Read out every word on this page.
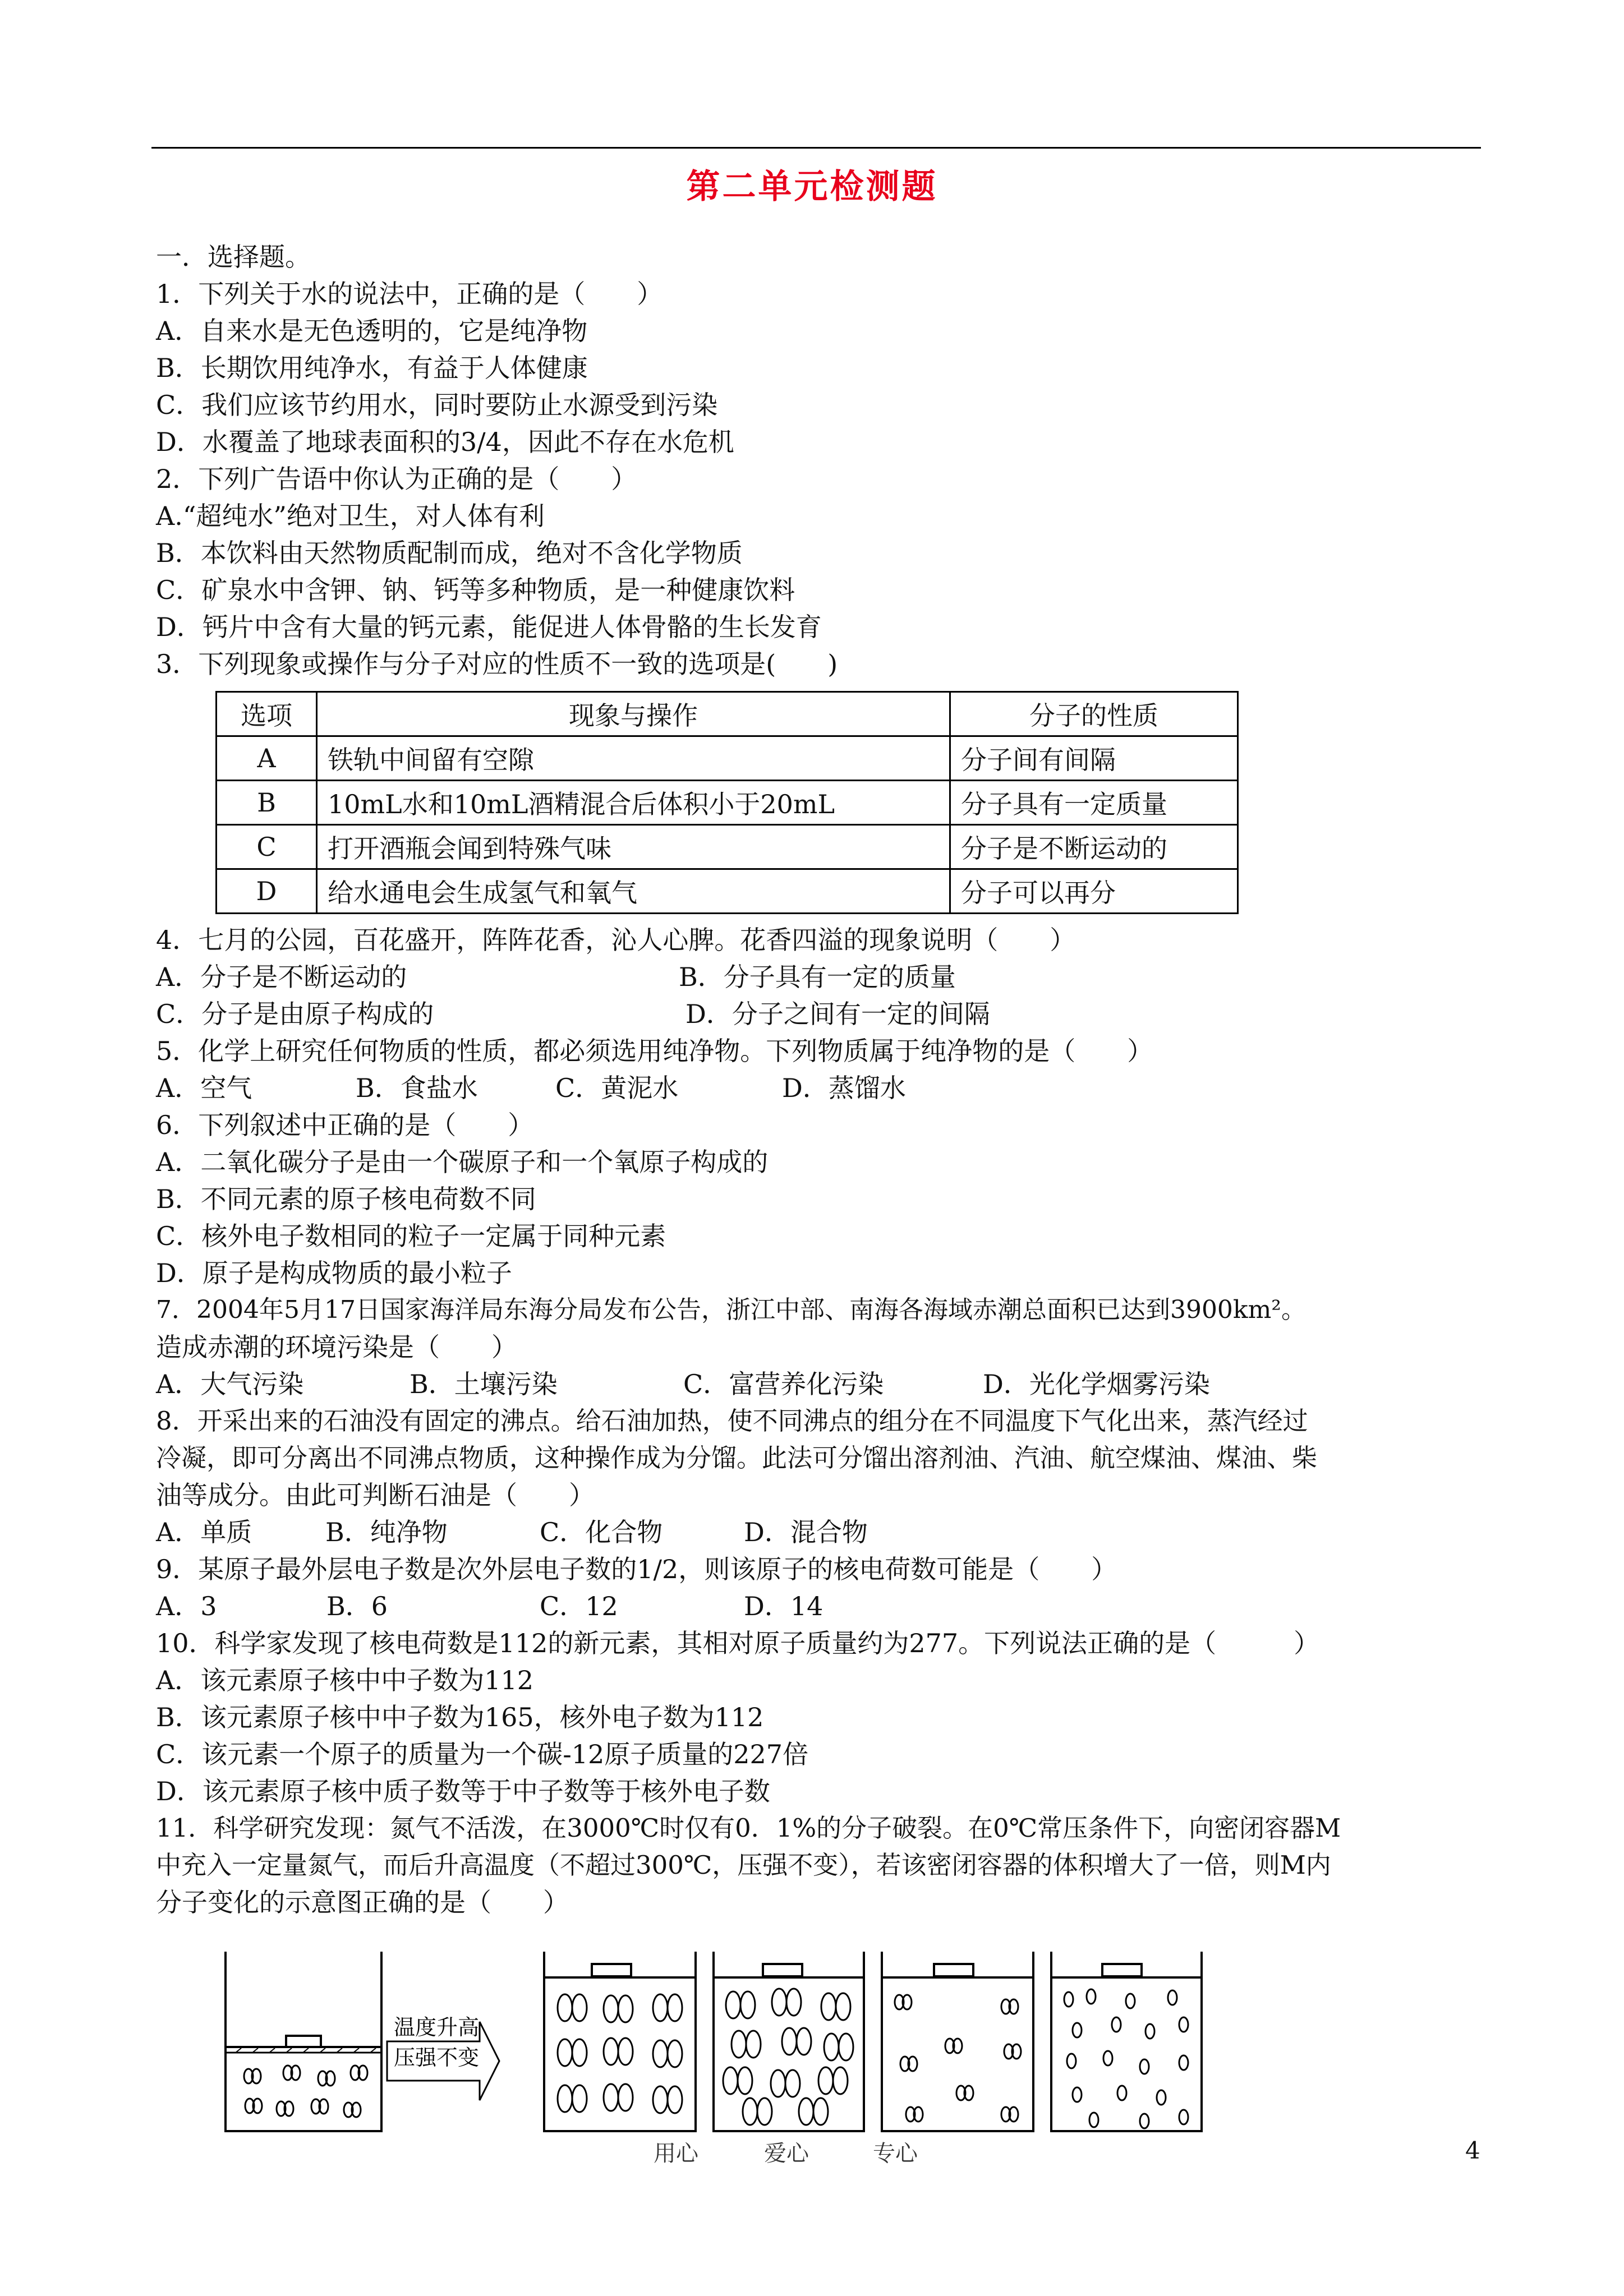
第二单元检测题
一．选择题。
1．下列关于水的说法中，正确的是（　　）
A．自来水是无色透明的，它是纯净物
B．长期饮用纯净水，有益于人体健康
C．我们应该节约用水，同时要防止水源受到污染
D．水覆盖了地球表面积的3/4，因此不存在水危机
2．下列广告语中你认为正确的是（　　）
A.“超纯水”绝对卫生，对人体有利
B．本饮料由天然物质配制而成，绝对不含化学物质
C．矿泉水中含钾、钠、钙等多种物质，是一种健康饮料
D．钙片中含有大量的钙元素，能促进人体骨骼的生长发育
3．下列现象或操作与分子对应的性质不一致的选项是(　　)
选项	现象与操作	分子的性质
A	铁轨中间留有空隙	分子间有间隔
B	10mL水和10mL酒精混合后体积小于20mL	分子具有一定质量
C	打开酒瓶会闻到特殊气味	分子是不断运动的
D	给水通电会生成氢气和氧气	分子可以再分
4．七月的公园，百花盛开，阵阵花香，沁人心脾。花香四溢的现象说明（　　）
A．分子是不断运动的	B．分子具有一定的质量
C．分子是由原子构成的	D．分子之间有一定的间隔
5．化学上研究任何物质的性质，都必须选用纯净物。下列物质属于纯净物的是（　　）
A．空气	B．食盐水	C．黄泥水	D．蒸馏水
6．下列叙述中正确的是（　　）
A．二氧化碳分子是由一个碳原子和一个氧原子构成的
B．不同元素的原子核电荷数不同
C．核外电子数相同的粒子一定属于同种元素
D．原子是构成物质的最小粒子
7．2004年5月17日国家海洋局东海分局发布公告，浙江中部、南海各海域赤潮总面积已达到3900km²。
造成赤潮的环境污染是（　　）
A．大气污染	B．土壤污染	C．富营养化污染	D．光化学烟雾污染
8．开采出来的石油没有固定的沸点。给石油加热，使不同沸点的组分在不同温度下气化出来，蒸汽经过
冷凝，即可分离出不同沸点物质，这种操作成为分馏。此法可分馏出溶剂油、汽油、航空煤油、煤油、柴
油等成分。由此可判断石油是（　　）
A．单质	B．纯净物	C．化合物	D．混合物
9．某原子最外层电子数是次外层电子数的1/2，则该原子的核电荷数可能是（　　）
A．3	B．6	C．12	D．14
10．科学家发现了核电荷数是112的新元素，其相对原子质量约为277。下列说法正确的是（　　　）
A．该元素原子核中中子数为112
B．该元素原子核中中子数为165，核外电子数为112
C．该元素一个原子的质量为一个碳-12原子质量的227倍
D．该元素原子核中质子数等于中子数等于核外电子数
11．科学研究发现：氮气不活泼，在3000℃时仅有0．1%的分子破裂。在0℃常压条件下，向密闭容器M
中充入一定量氮气，而后升高温度（不超过300℃，压强不变），若该密闭容器的体积增大了一倍，则M内
分子变化的示意图正确的是（　　）
温度升高
压强不变
用心	爱心	专心	4
